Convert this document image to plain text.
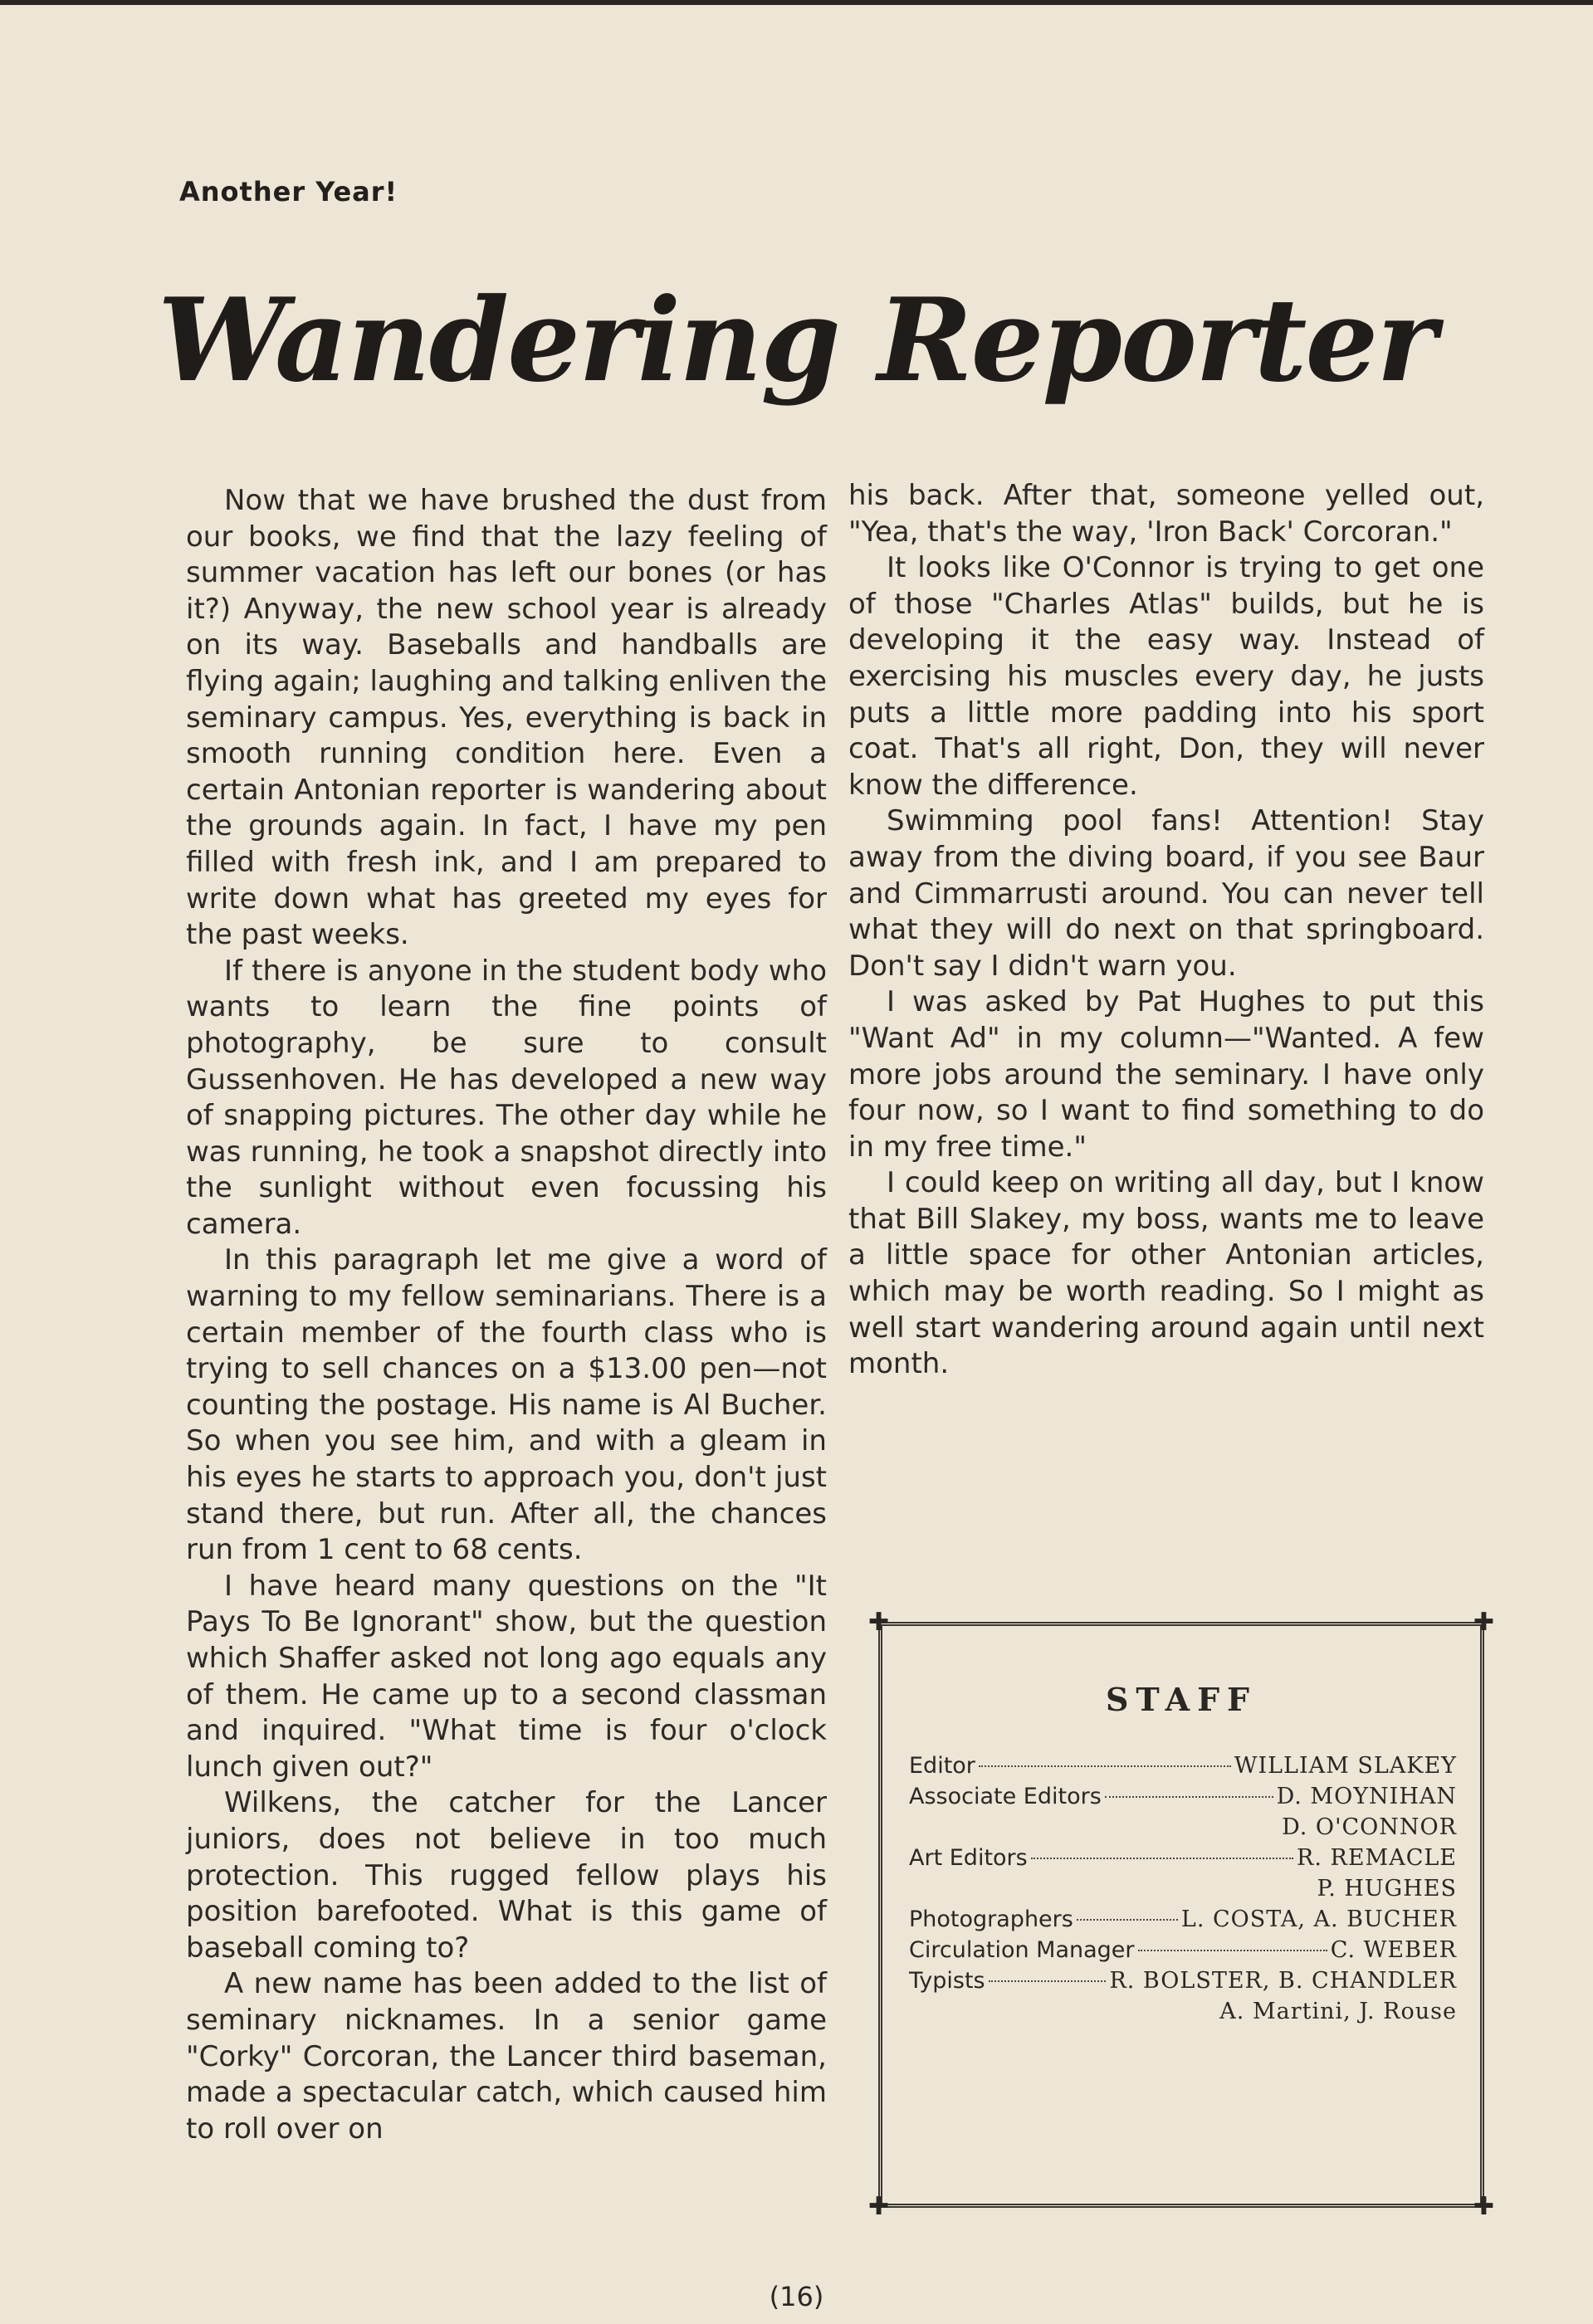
Another Year!
Wandering Reporter

Now that we have brushed the dust from our books, we find that the lazy feeling of summer vacation has left our bones (or has it?) Anyway, the new school year is already on its way. Baseballs and handballs are flying again; laughing and talking enliven the seminary campus. Yes, everything is back in smooth running condition here. Even a certain Antonian reporter is wandering about the grounds again. In fact, I have my pen filled with fresh ink, and I am prepared to write down what has greeted my eyes for the past weeks.

If there is anyone in the student body who wants to learn the fine points of photography, be sure to consult Gussenhoven. He has developed a new way of snapping pictures. The other day while he was running, he took a snapshot directly into the sunlight without even focussing his camera.

In this paragraph let me give a word of warning to my fellow seminarians. There is a certain member of the fourth class who is trying to sell chances on a $13.00 pen—not counting the postage. His name is Al Bucher. So when you see him, and with a gleam in his eyes he starts to approach you, don't just stand there, but run. After all, the chances run from 1 cent to 68 cents.

I have heard many questions on the "It Pays To Be Ignorant" show, but the question which Shaffer asked not long ago equals any of them. He came up to a second classman and inquired. "What time is four o'clock lunch given out?"

Wilkens, the catcher for the Lancer juniors, does not believe in too much protection. This rugged fellow plays his position barefooted. What is this game of baseball coming to?

A new name has been added to the list of seminary nicknames. In a senior game "Corky" Corcoran, the Lancer third baseman, made a spectacular catch, which caused him to roll over on

his back. After that, someone yelled out, "Yea, that's the way, 'Iron Back' Corcoran."

It looks like O'Connor is trying to get one of those "Charles Atlas" builds, but he is developing it the easy way. Instead of exercising his muscles every day, he justs puts a little more padding into his sport coat. That's all right, Don, they will never know the difference.

Swimming pool fans! Attention! Stay away from the diving board, if you see Baur and Cimmarrusti around. You can never tell what they will do next on that springboard. Don't say I didn't warn you.

I was asked by Pat Hughes to put this "Want Ad" in my column—"Wanted. A few more jobs around the seminary. I have only four now, so I want to find something to do in my free time."

I could keep on writing all day, but I know that Bill Slakey, my boss, wants me to leave a little space for other Antonian articles, which may be worth reading. So I might as well start wandering around again until next month.

✚	✚
✚	✚
STAFF
Editor	WILLIAM SLAKEY
Associate Editors	D. MOYNIHAN
D. O'CONNOR
Art Editors	R. REMACLE
P. HUGHES
Photographers	L. COSTA, A. BUCHER
Circulation Manager	C. WEBER
Typists	R. BOLSTER, B. CHANDLER
A. Martini, J. Rouse
(16)
